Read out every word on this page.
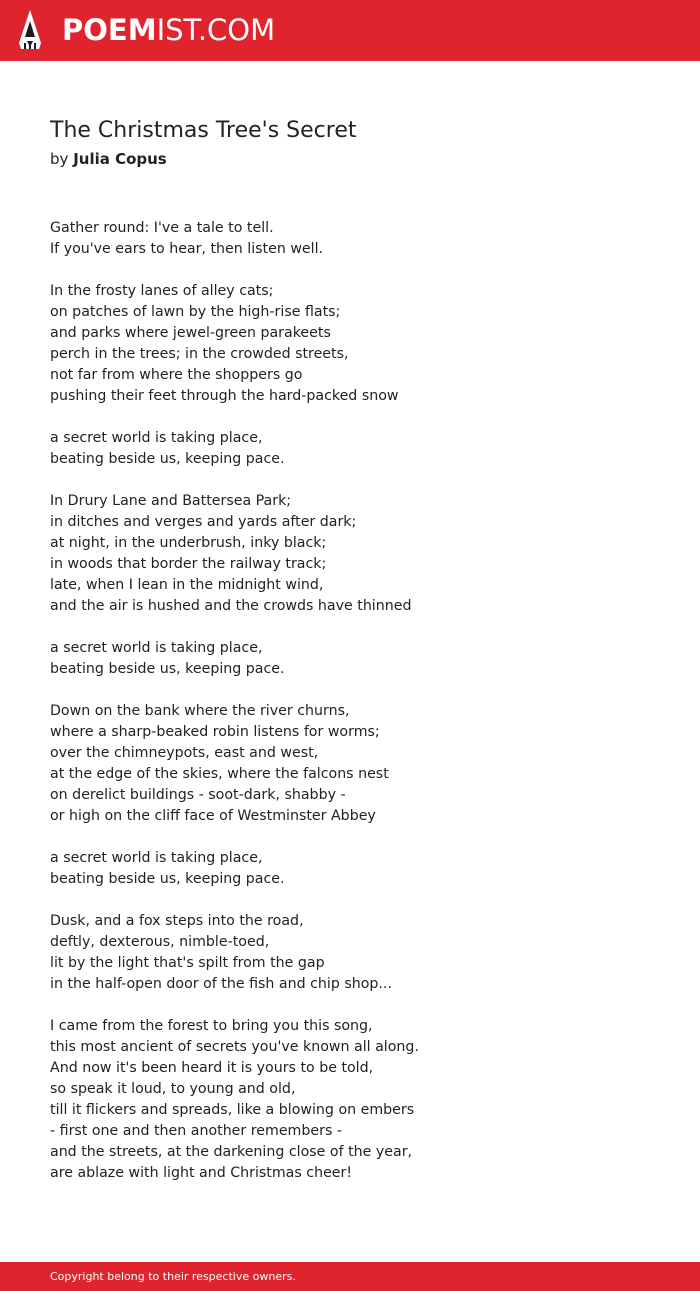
POEMIST.COM
The Christmas Tree's Secret
by Julia Copus
Gather round: I've a tale to tell.
If you've ears to hear, then listen well.
In the frosty lanes of alley cats;
on patches of lawn by the high-rise flats;
and parks where jewel-green parakeets
perch in the trees; in the crowded streets,
not far from where the shoppers go
pushing their feet through the hard-packed snow
a secret world is taking place,
beating beside us, keeping pace.
In Drury Lane and Battersea Park;
in ditches and verges and yards after dark;
at night, in the underbrush, inky black;
in woods that border the railway track;
late, when I lean in the midnight wind,
and the air is hushed and the crowds have thinned
a secret world is taking place,
beating beside us, keeping pace.
Down on the bank where the river churns,
where a sharp-beaked robin listens for worms;
over the chimneypots, east and west,
at the edge of the skies, where the falcons nest
on derelict buildings - soot-dark, shabby -
or high on the cliff face of Westminster Abbey
a secret world is taking place,
beating beside us, keeping pace.
Dusk, and a fox steps into the road,
deftly, dexterous, nimble-toed,
lit by the light that's spilt from the gap
in the half-open door of the fish and chip shop...
I came from the forest to bring you this song,
this most ancient of secrets you've known all along.
And now it's been heard it is yours to be told,
so speak it loud, to young and old,
till it flickers and spreads, like a blowing on embers
- first one and then another remembers -
and the streets, at the darkening close of the year,
are ablaze with light and Christmas cheer!
Copyright belong to their respective owners.
